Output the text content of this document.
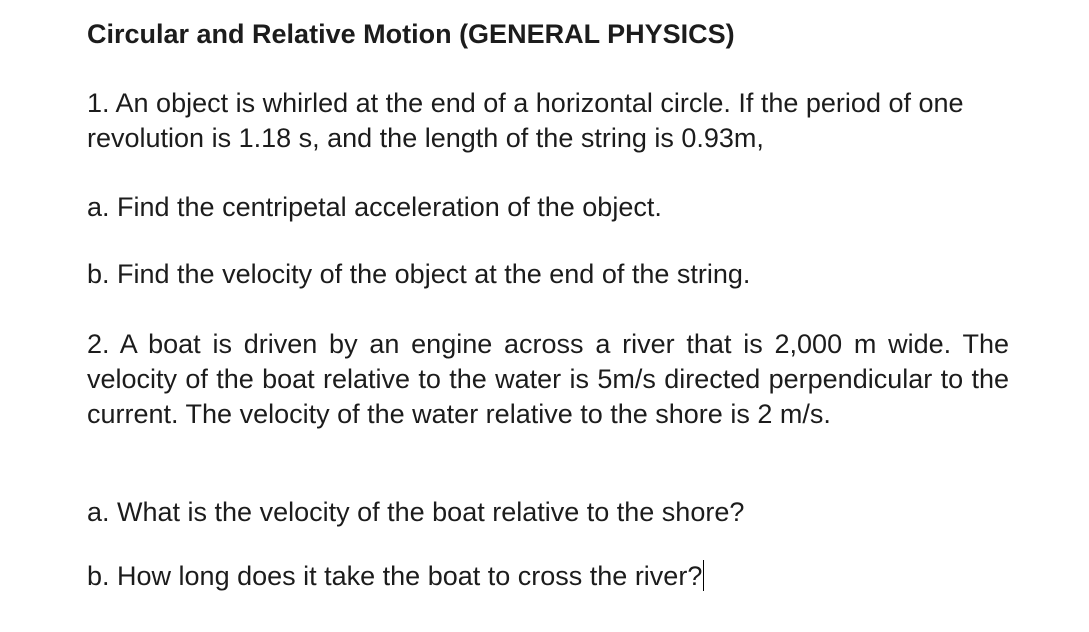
Circular and Relative Motion (GENERAL PHYSICS)

1. An object is whirled at the end of a horizontal circle. If the period of one revolution is 1.18 s, and the length of the string is 0.93m,

a. Find the centripetal acceleration of the object.

b. Find the velocity of the object at the end of the string.

2. A boat is driven by an engine across a river that is 2,000 m wide. The velocity of the boat relative to the water is 5m/s directed perpendicular to the current. The velocity of the water relative to the shore is 2 m/s.

a. What is the velocity of the boat relative to the shore?

b. How long does it take the boat to cross the river?
